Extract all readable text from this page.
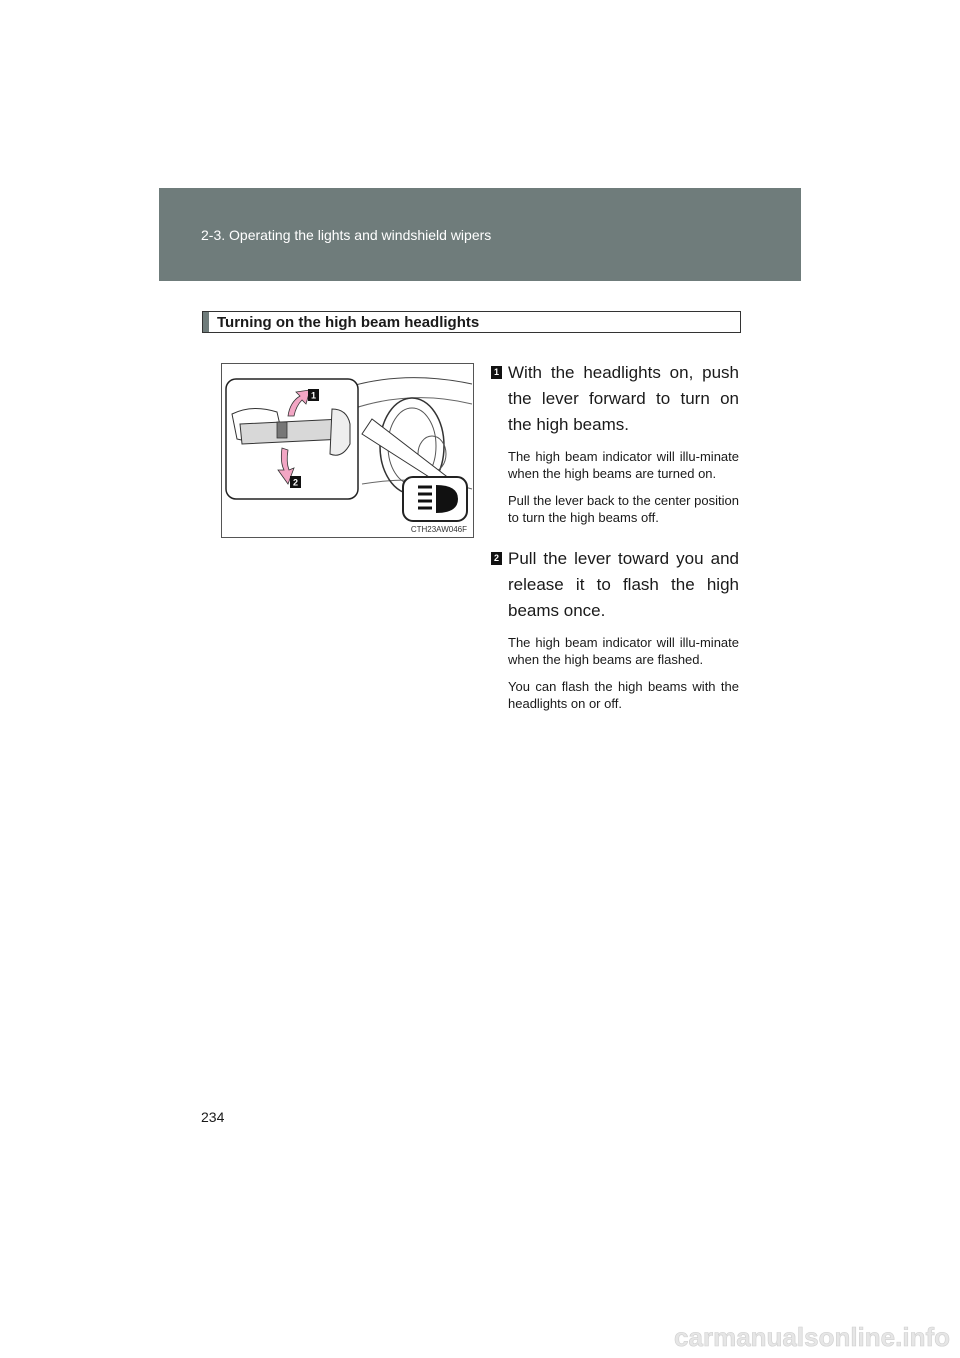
2-3. Operating the lights and windshield wipers
Turning on the high beam headlights
1
2
CTH23AW046F
1 With the headlights on, push the lever forward to turn on the high beams.

The high beam indicator will illu-minate when the high beams are turned on.

Pull the lever back to the center position to turn the high beams off.

2 Pull the lever toward you and release it to flash the high beams once.

The high beam indicator will illu-minate when the high beams are flashed.

You can flash the high beams with the headlights on or off.

234
carmanualsonline.info
